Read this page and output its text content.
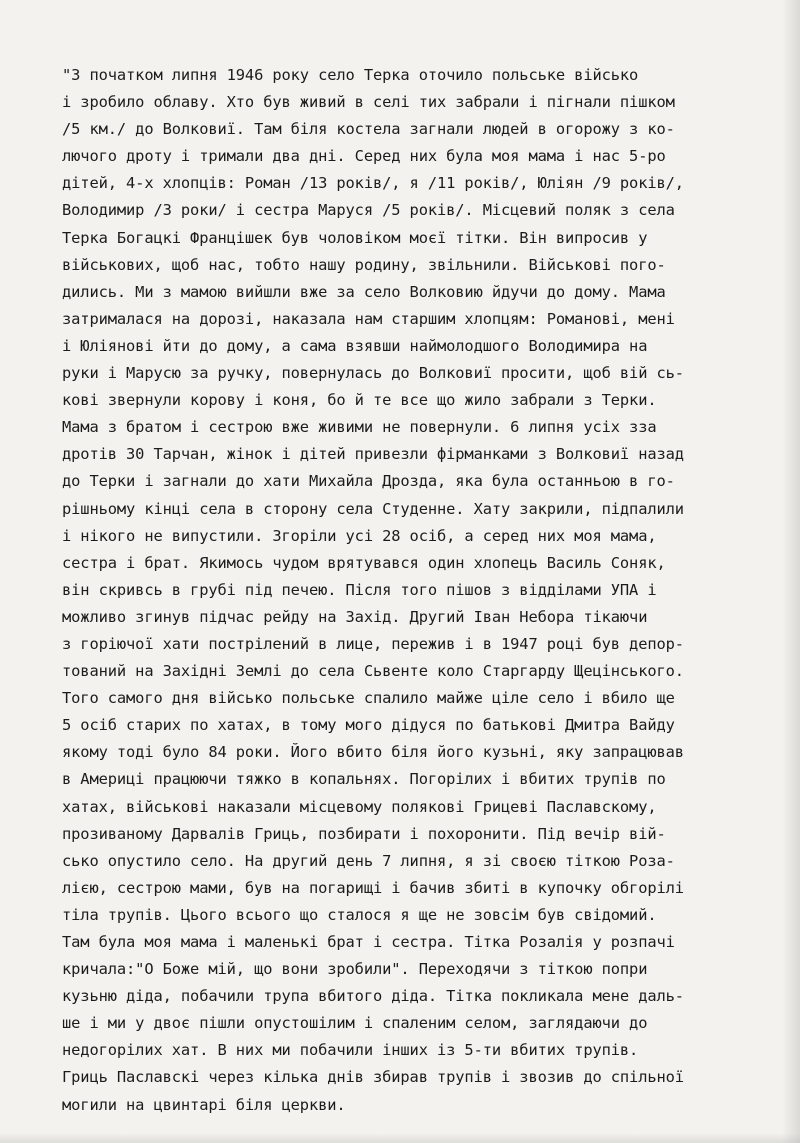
"З початком липня 1946 року село Терка оточило польське військо
і зробило облаву. Хто був живий в селі тих забрали і пігнали пішком
/5 км./ до Волковиї. Там біля костела загнали людей в огорожу з ко-
лючого дроту і тримали два дні. Серед них була моя мама і нас 5-ро
дітей, 4-х хлопців: Роман /13 років/, я /11 років/, Юліян /9 років/,
Володимир /3 роки/ і сестра Маруся /5 років/. Місцевий поляк з села
Терка Богацкі Францішек був чоловіком моєї тітки. Він випросив у
військових, щоб нас, тобто нашу родину, звільнили. Військові пого-
дились. Ми з мамою вийшли вже за село Волковию йдучи до дому. Мама
затрималася на дорозі, наказала нам старшим хлопцям: Романові, мені
і Юліянові йти до дому, а сама взявши наймолодшого Володимира на
руки і Марусю за ручку, повернулась до Волковиї просити, щоб вій сь-
кові звернули корову і коня, бо й те все що жило забрали з Терки.
Мама з братом і сестрою вже живими не повернули. 6 липня усіх зза
дротів 30 Тарчан, жінок і дітей привезли фірманками з Волковиї назад
до Терки і загнали до хати Михайла Дрозда, яка була останньою в го-
рішньому кінці села в сторону села Студенне. Хату закрили, підпалили
і нікого не випустили. Згоріли усі 28 осіб, а серед них моя мама,
сестра і брат. Якимось чудом врятувався один хлопець Василь Соняк,
він скривсь в грубі під печею. Після того пішов з відділами УПА і
можливо згинув підчас рейду на Захід. Другий Іван Небора тікаючи
з горіючої хати пострілений в лице, пережив і в 1947 році був депор-
тований на Західні Землі до села Сьвенте коло Старгарду Щецінського.
Того самого дня військо польське спалило майже ціле село і вбило ще
5 осіб старих по хатах, в тому мого дідуся по батькові Дмитра Вайду
якому тоді було 84 роки. Його вбито біля його кузьні, яку запрацював
в Америці працюючи тяжко в копальнях. Погорілих і вбитих трупів по
хатах, військові наказали місцевому полякові Грицеві Паславскому,
прозиваному Дарвалів Гриць, позбирати і похоронити. Під вечір вій-
сько опустило село. На другий день 7 липня, я зі своєю тіткою Роза-
лією, сестрою мами, був на погарищі і бачив збиті в купочку обгорілі
тіла трупів. Цього всього що сталося я ще не зовсім був свідомий.
Там була моя мама і маленькі брат і сестра. Тітка Розалія у розпачі
кричала:"О Боже мій, що вони зробили". Переходячи з тіткою попри
кузьню діда, побачили трупа вбитого діда. Тітка покликала мене даль-
ше і ми у двоє пішли опустошілим і спаленим селом, заглядаючи до
недогорілих хат. В них ми побачили інших із 5-ти вбитих трупів.
Гриць Паславскі через кілька днів збирав трупів і звозив до спільної
могили на цвинтарі біля церкви.
